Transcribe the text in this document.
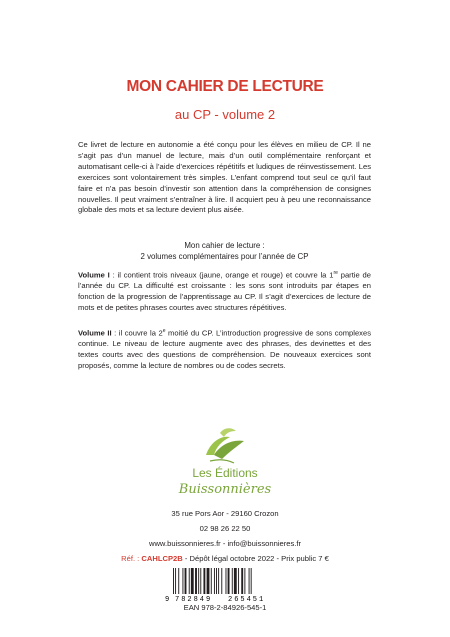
MON CAHIER DE LECTURE
au CP - volume 2

Ce livret de lecture en autonomie a été conçu pour les élèves en milieu de CP. Il ne s’agit pas d’un manuel de lecture, mais d’un outil complémentaire renforçant et automatisant celle-ci à l’aide d’exercices répétitifs et ludiques de réinvestissement. Les exercices sont volontairement très simples. L’enfant comprend tout seul ce qu’il faut faire et n’a pas besoin d’investir son attention dans la compréhension de consignes nouvelles. Il peut vraiment s’entraîner à lire. Il acquiert peu à peu une reconnaissance globale des mots et sa lecture devient plus aisée.

Mon cahier de lecture :
2 volumes complémentaires pour l’année de CP

Volume I : il contient trois niveaux (jaune, orange et rouge) et couvre la 1re partie de l’année du CP. La difficulté est croissante : les sons sont introduits par étapes en fonction de la progression de l’apprentissage au CP. Il s’agit d’exercices de lecture de mots et de petites phrases courtes avec structures répétitives.

Volume II : il couvre la 2e moitié du CP. L’introduction progressive de sons complexes continue. Le niveau de lecture augmente avec des phrases, des devinettes et des textes courts avec des questions de compréhension. De nouveaux exercices sont proposés, comme la lecture de nombres ou de codes secrets.

Les Éditions
Buissonnières
35 rue Pors Aor - 29160 Crozon
02 98 26 22 50
www.buissonnieres.fr - info@buissonnieres.fr
Réf. : CAHLCP2B - Dépôt légal octobre 2022 - Prix public 7 €
9 782849 265451
EAN 978-2-84926-545-1
